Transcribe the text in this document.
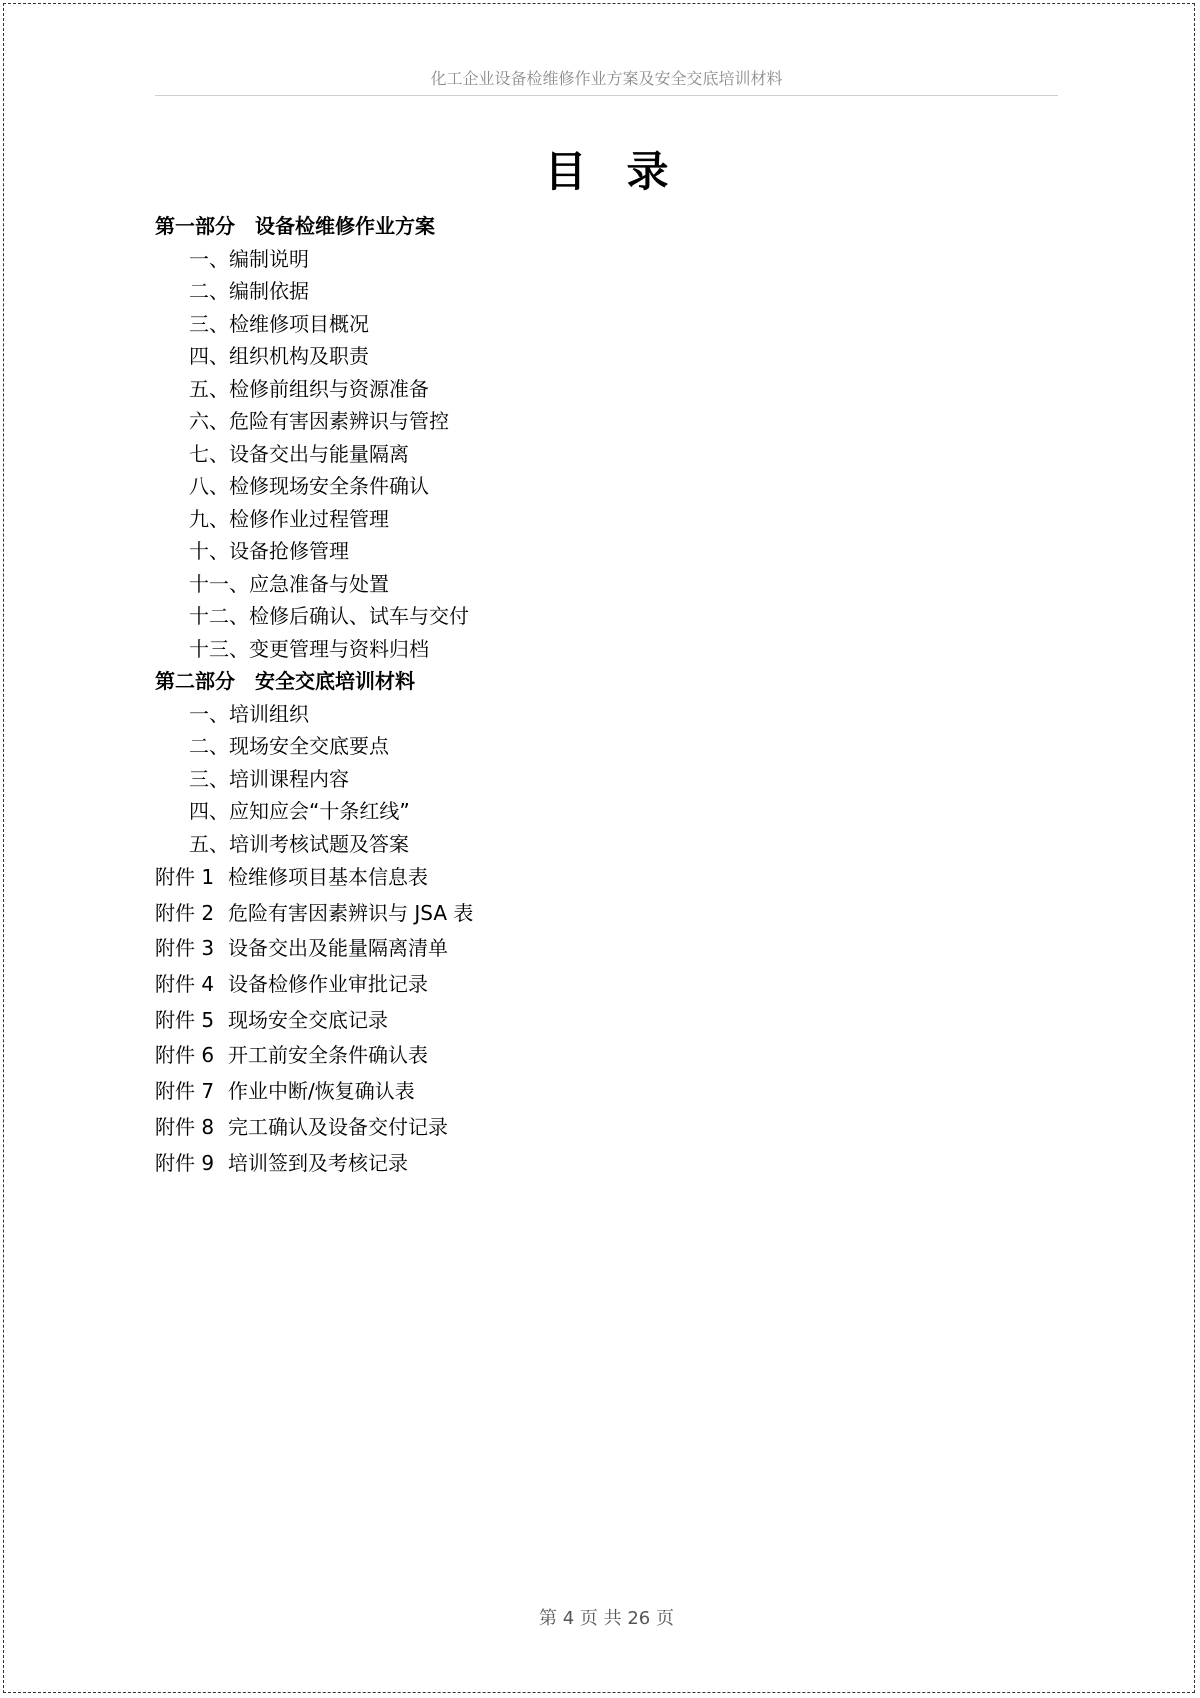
化工企业设备检维修作业方案及安全交底培训材料
目录
第一部分　设备检维修作业方案
一、编制说明
二、编制依据
三、检维修项目概况
四、组织机构及职责
五、检修前组织与资源准备
六、危险有害因素辨识与管控
七、设备交出与能量隔离
八、检修现场安全条件确认
九、检修作业过程管理
十、设备抢修管理
十一、应急准备与处置
十二、检修后确认、试车与交付
十三、变更管理与资料归档
第二部分　安全交底培训材料
一、培训组织
二、现场安全交底要点
三、培训课程内容
四、应知应会“十条红线”
五、培训考核试题及答案
附件 1 检维修项目基本信息表
附件 2 危险有害因素辨识与 JSA 表
附件 3 设备交出及能量隔离清单
附件 4 设备检修作业审批记录
附件 5 现场安全交底记录
附件 6 开工前安全条件确认表
附件 7 作业中断/恢复确认表
附件 8 完工确认及设备交付记录
附件 9 培训签到及考核记录
第 4 页 共 26 页
